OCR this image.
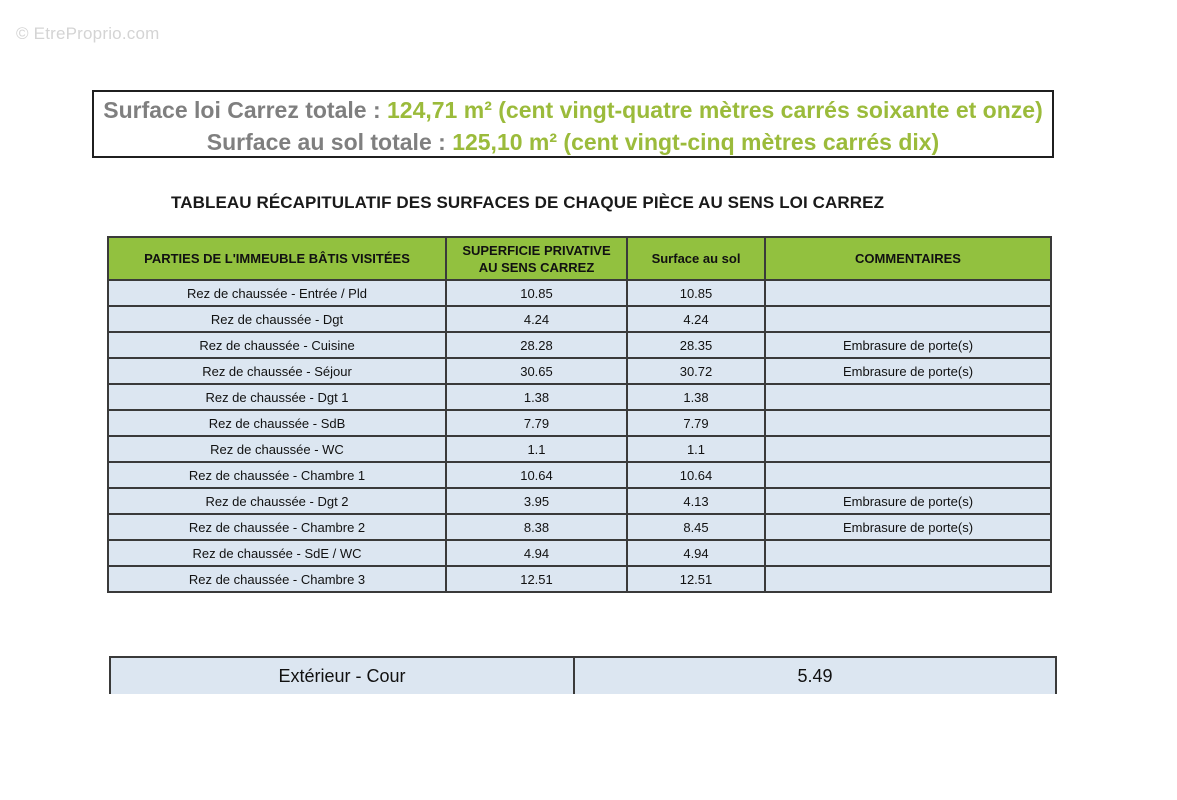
© EtreProprio.com
Surface loi Carrez totale : 124,71 m² (cent vingt-quatre mètres carrés soixante et onze)
Surface au sol totale : 125,10 m² (cent vingt-cinq mètres carrés dix)
TABLEAU RÉCAPITULATIF DES SURFACES DE CHAQUE PIÈCE AU SENS LOI CARREZ
PARTIES DE L'IMMEUBLE BÂTIS VISITÉES	SUPERFICIE PRIVATIVE AU SENS CARREZ	Surface au sol	COMMENTAIRES
Rez de chaussée - Entrée / Pld	10.85	10.85	
Rez de chaussée - Dgt	4.24	4.24	
Rez de chaussée - Cuisine	28.28	28.35	Embrasure de porte(s)
Rez de chaussée - Séjour	30.65	30.72	Embrasure de porte(s)
Rez de chaussée - Dgt 1	1.38	1.38	
Rez de chaussée - SdB	7.79	7.79	
Rez de chaussée - WC	1.1	1.1	
Rez de chaussée - Chambre 1	10.64	10.64	
Rez de chaussée - Dgt 2	3.95	4.13	Embrasure de porte(s)
Rez de chaussée - Chambre 2	8.38	8.45	Embrasure de porte(s)
Rez de chaussée - SdE / WC	4.94	4.94	
Rez de chaussée - Chambre 3	12.51	12.51	
Extérieur - Cour	5.49
